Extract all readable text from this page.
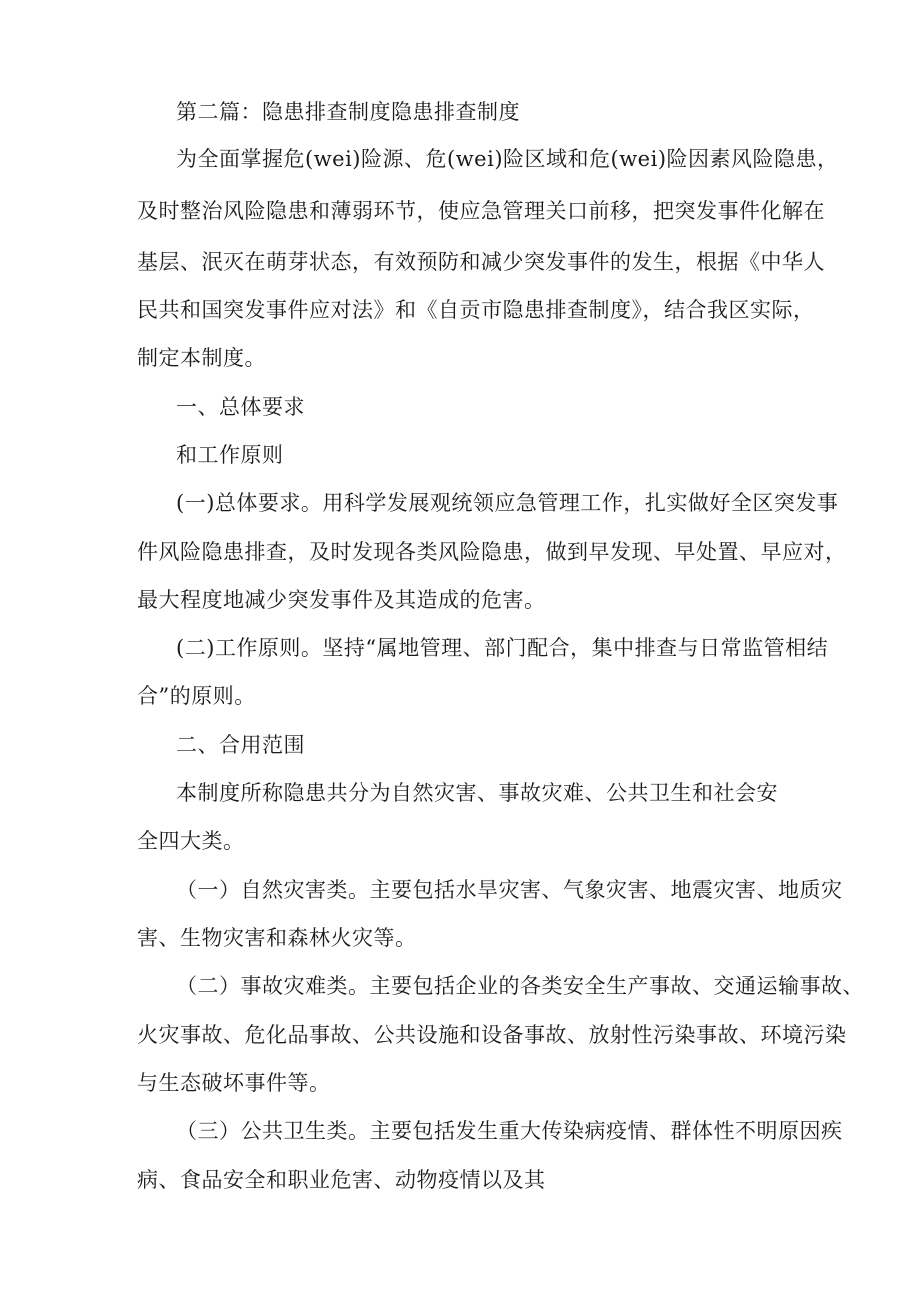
第二篇：隐患排查制度隐患排查制度
为全面掌握危(wei)险源、危(wei)险区域和危(wei)险因素风险隐患，
及时整治风险隐患和薄弱环节，使应急管理关口前移，把突发事件化解在
基层、泯灭在萌芽状态，有效预防和减少突发事件的发生，根据《中华人
民共和国突发事件应对法》和《自贡市隐患排查制度》，结合我区实际，
制定本制度。
一、总体要求
和工作原则
(一)总体要求。用科学发展观统领应急管理工作，扎实做好全区突发事
件风险隐患排查，及时发现各类风险隐患，做到早发现、早处置、早应对，
最大程度地减少突发事件及其造成的危害。
(二)工作原则。坚持“属地管理、部门配合，集中排查与日常监管相结
合”的原则。
二、合用范围
本制度所称隐患共分为自然灾害、事故灾难、公共卫生和社会安
全四大类。
（一）自然灾害类。主要包括水旱灾害、气象灾害、地震灾害、地质灾
害、生物灾害和森林火灾等。
（二）事故灾难类。主要包括企业的各类安全生产事故、交通运输事故、
火灾事故、危化品事故、公共设施和设备事故、放射性污染事故、环境污染
与生态破坏事件等。
（三）公共卫生类。主要包括发生重大传染病疫情、群体性不明原因疾
病、食品安全和职业危害、动物疫情以及其
